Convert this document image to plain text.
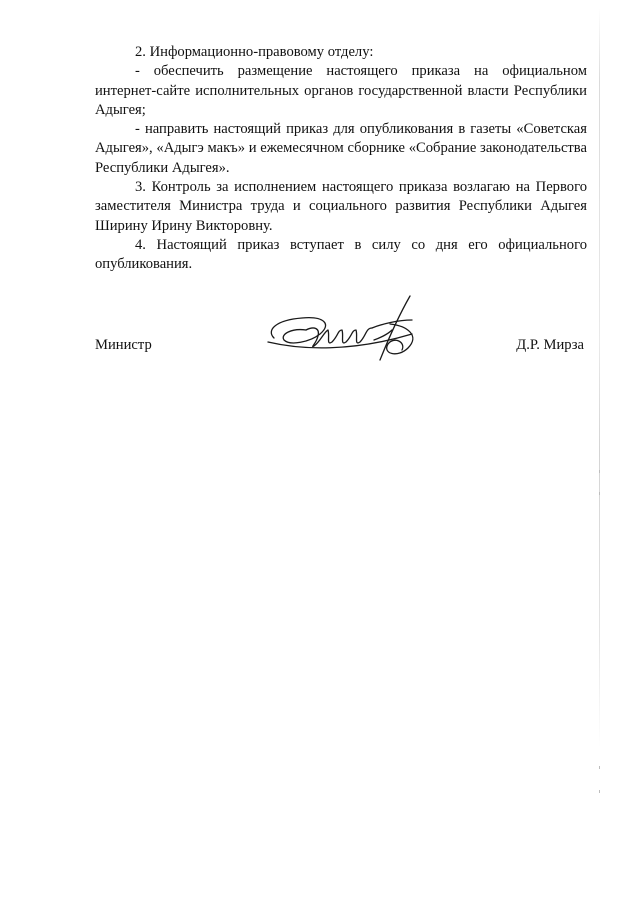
2. Информационно-правовому отделу:

- обеспечить размещение настоящего приказа на официальном интернет-сайте исполнительных органов государственной власти Республики Адыгея;

- направить настоящий приказ для опубликования в газеты «Советская Адыгея», «Адыгэ макъ» и ежемесячном сборнике «Собрание законодательства Республики Адыгея».

3. Контроль за исполнением настоящего приказа возлагаю на Первого заместителя Министра труда и социального развития Республики Адыгея Ширину Ирину Викторовну.

4. Настоящий приказ вступает в силу со дня его официального опубликования.

Министр	Д.Р. Мирза
